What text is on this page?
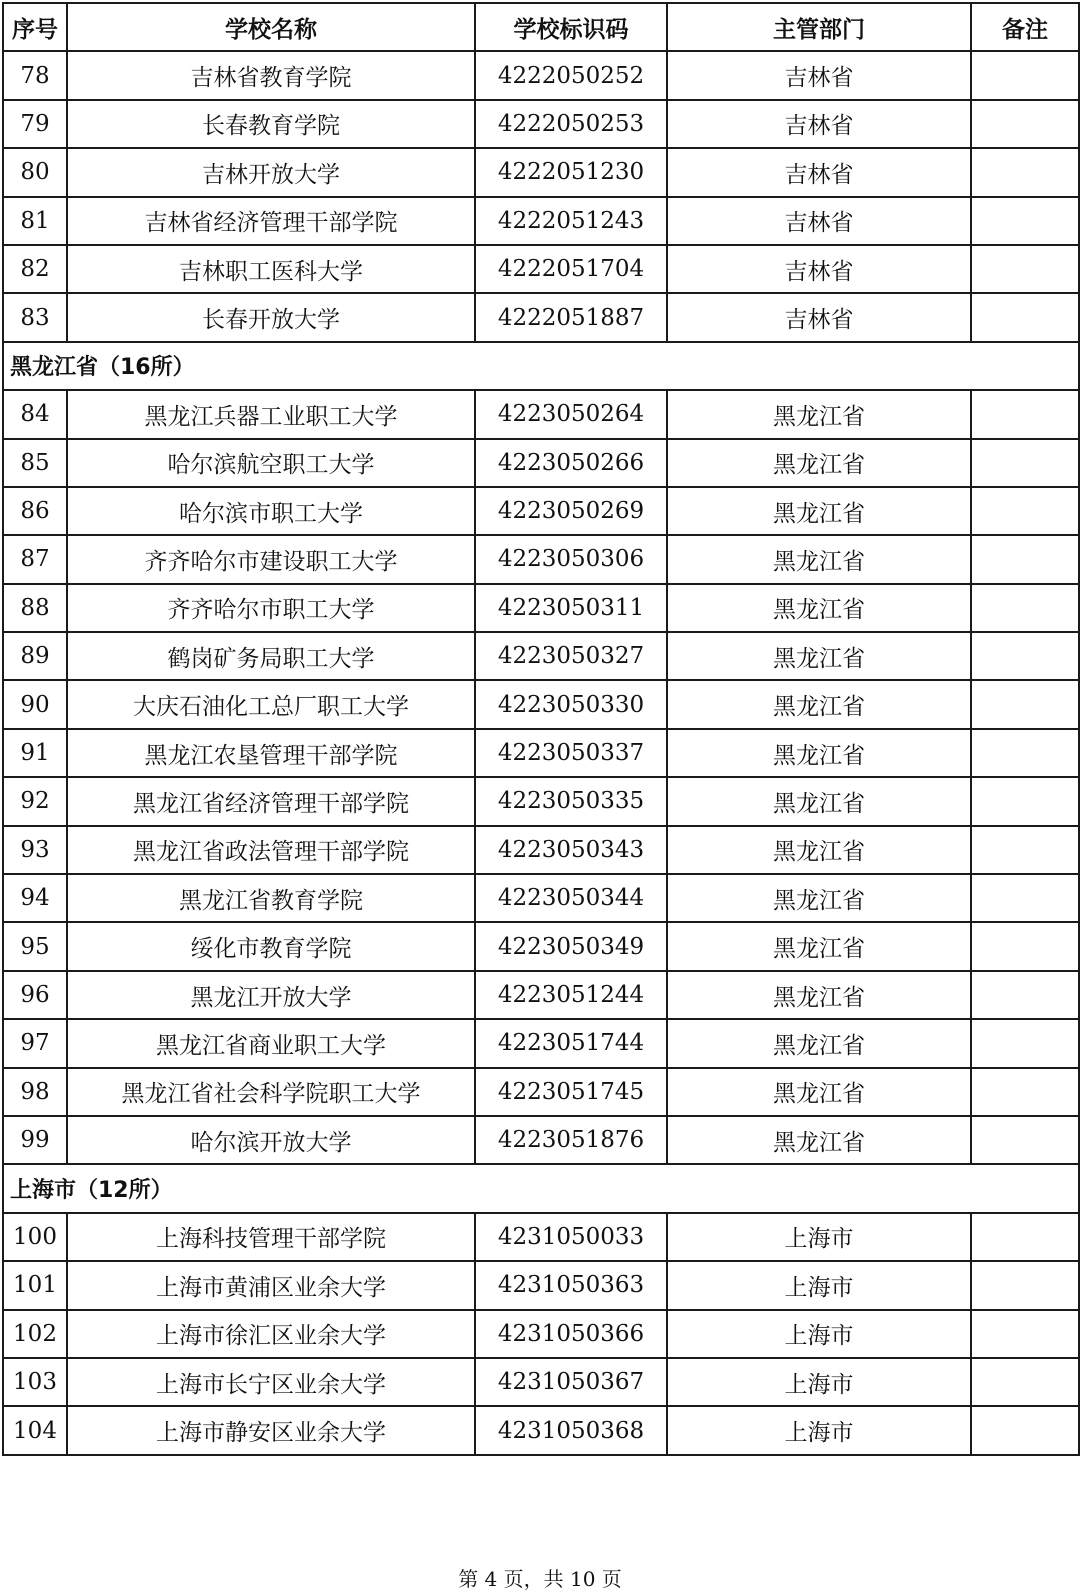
序号	学校名称	学校标识码	主管部门	备注
78	吉林省教育学院	4222050252	吉林省	
79	长春教育学院	4222050253	吉林省	
80	吉林开放大学	4222051230	吉林省	
81	吉林省经济管理干部学院	4222051243	吉林省	
82	吉林职工医科大学	4222051704	吉林省	
83	长春开放大学	4222051887	吉林省	
黑龙江省（16所）				
84	黑龙江兵器工业职工大学	4223050264	黑龙江省	
85	哈尔滨航空职工大学	4223050266	黑龙江省	
86	哈尔滨市职工大学	4223050269	黑龙江省	
87	齐齐哈尔市建设职工大学	4223050306	黑龙江省	
88	齐齐哈尔市职工大学	4223050311	黑龙江省	
89	鹤岗矿务局职工大学	4223050327	黑龙江省	
90	大庆石油化工总厂职工大学	4223050330	黑龙江省	
91	黑龙江农垦管理干部学院	4223050337	黑龙江省	
92	黑龙江省经济管理干部学院	4223050335	黑龙江省	
93	黑龙江省政法管理干部学院	4223050343	黑龙江省	
94	黑龙江省教育学院	4223050344	黑龙江省	
95	绥化市教育学院	4223050349	黑龙江省	
96	黑龙江开放大学	4223051244	黑龙江省	
97	黑龙江省商业职工大学	4223051744	黑龙江省	
98	黑龙江省社会科学院职工大学	4223051745	黑龙江省	
99	哈尔滨开放大学	4223051876	黑龙江省	
上海市（12所）				
100	上海科技管理干部学院	4231050033	上海市	
101	上海市黄浦区业余大学	4231050363	上海市	
102	上海市徐汇区业余大学	4231050366	上海市	
103	上海市长宁区业余大学	4231050367	上海市	
104	上海市静安区业余大学	4231050368	上海市	
第 4 页，共 10 页
